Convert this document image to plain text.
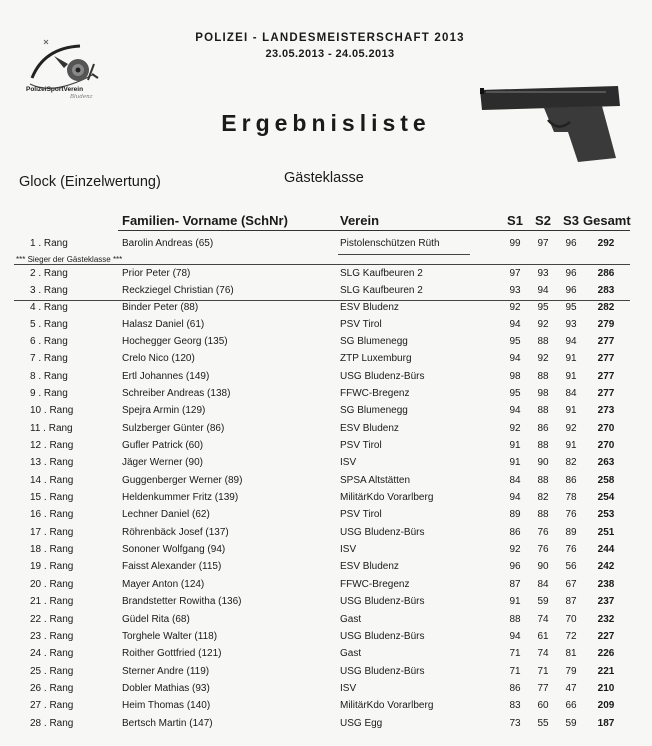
POLIZEI - LANDESMEISTERSCHAFT 2013
23.05.2013 - 24.05.2013
PolizeiSportVerein
Bludenz
Ergebnisliste
Glock (Einzelwertung)	Gästeklasse
Familien- Vorname (SchNr)	Verein	S1 S2 S3 Gesamt
1 . Rang	Barolin Andreas (65)	Pistolenschützen Rüth	99	97	96	292
2 . Rang	Prior Peter (78)	SLG Kaufbeuren 2	97	93	96	286
3 . Rang	Reckziegel Christian (76)	SLG Kaufbeuren 2	93	94	96	283
4 . Rang	Binder Peter (88)	ESV Bludenz	92	95	95	282
5 . Rang	Halasz Daniel (61)	PSV Tirol	94	92	93	279
6 . Rang	Hochegger Georg (135)	SG Blumenegg	95	88	94	277
7 . Rang	Crelo Nico (120)	ZTP Luxemburg	94	92	91	277
8 . Rang	Ertl Johannes (149)	USG Bludenz-Bürs	98	88	91	277
9 . Rang	Schreiber Andreas (138)	FFWC-Bregenz	95	98	84	277
10 . Rang	Spejra Armin (129)	SG Blumenegg	94	88	91	273
11 . Rang	Sulzberger Günter (86)	ESV Bludenz	92	86	92	270
12 . Rang	Gufler Patrick (60)	PSV Tirol	91	88	91	270
13 . Rang	Jäger Werner (90)	ISV	91	90	82	263
14 . Rang	Guggenberger Werner (89)	SPSA Altstätten	84	88	86	258
15 . Rang	Heldenkummer Fritz (139)	MilitärKdo Vorarlberg	94	82	78	254
16 . Rang	Lechner Daniel (62)	PSV Tirol	89	88	76	253
17 . Rang	Röhrenbäck Josef (137)	USG Bludenz-Bürs	86	76	89	251
18 . Rang	Sononer Wolfgang (94)	ISV	92	76	76	244
19 . Rang	Faisst Alexander (115)	ESV Bludenz	96	90	56	242
20 . Rang	Mayer Anton (124)	FFWC-Bregenz	87	84	67	238
21 . Rang	Brandstetter Rowitha (136)	USG Bludenz-Bürs	91	59	87	237
22 . Rang	Güdel Rita (68)	Gast	88	74	70	232
23 . Rang	Torghele Walter (118)	USG Bludenz-Bürs	94	61	72	227
24 . Rang	Roither Gottfried (121)	Gast	71	74	81	226
25 . Rang	Sterner Andre (119)	USG Bludenz-Bürs	71	71	79	221
26 . Rang	Dobler Mathias (93)	ISV	86	77	47	210
27 . Rang	Heim Thomas (140)	MilitärKdo Vorarlberg	83	60	66	209
28 . Rang	Bertsch Martin (147)	USG Egg	73	55	59	187
*** Sieger der Gästeklasse ***
